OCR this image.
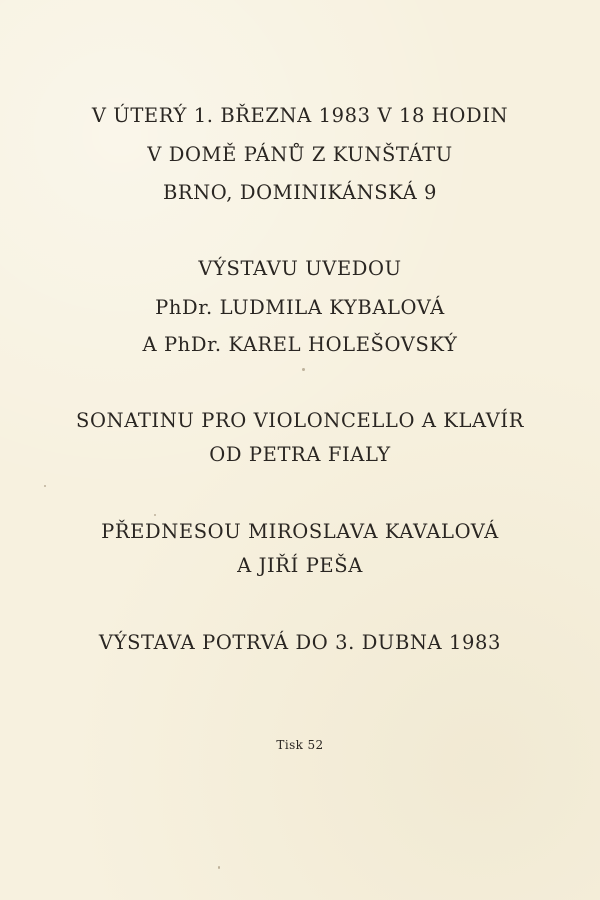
V ÚTERÝ 1. BŘEZNA 1983 V 18 HODIN
V DOMĚ PÁNŮ Z KUNŠTÁTU
BRNO, DOMINIKÁNSKÁ 9
VÝSTAVU UVEDOU
PhDr. LUDMILA KYBALOVÁ
A PhDr. KAREL HOLEŠOVSKÝ
SONATINU PRO VIOLONCELLO A KLAVÍR
OD PETRA FIALY
PŘEDNESOU MIROSLAVA KAVALOVÁ
A JIŘÍ PEŠA
VÝSTAVA POTRVÁ DO 3. DUBNA 1983
Tisk 52
